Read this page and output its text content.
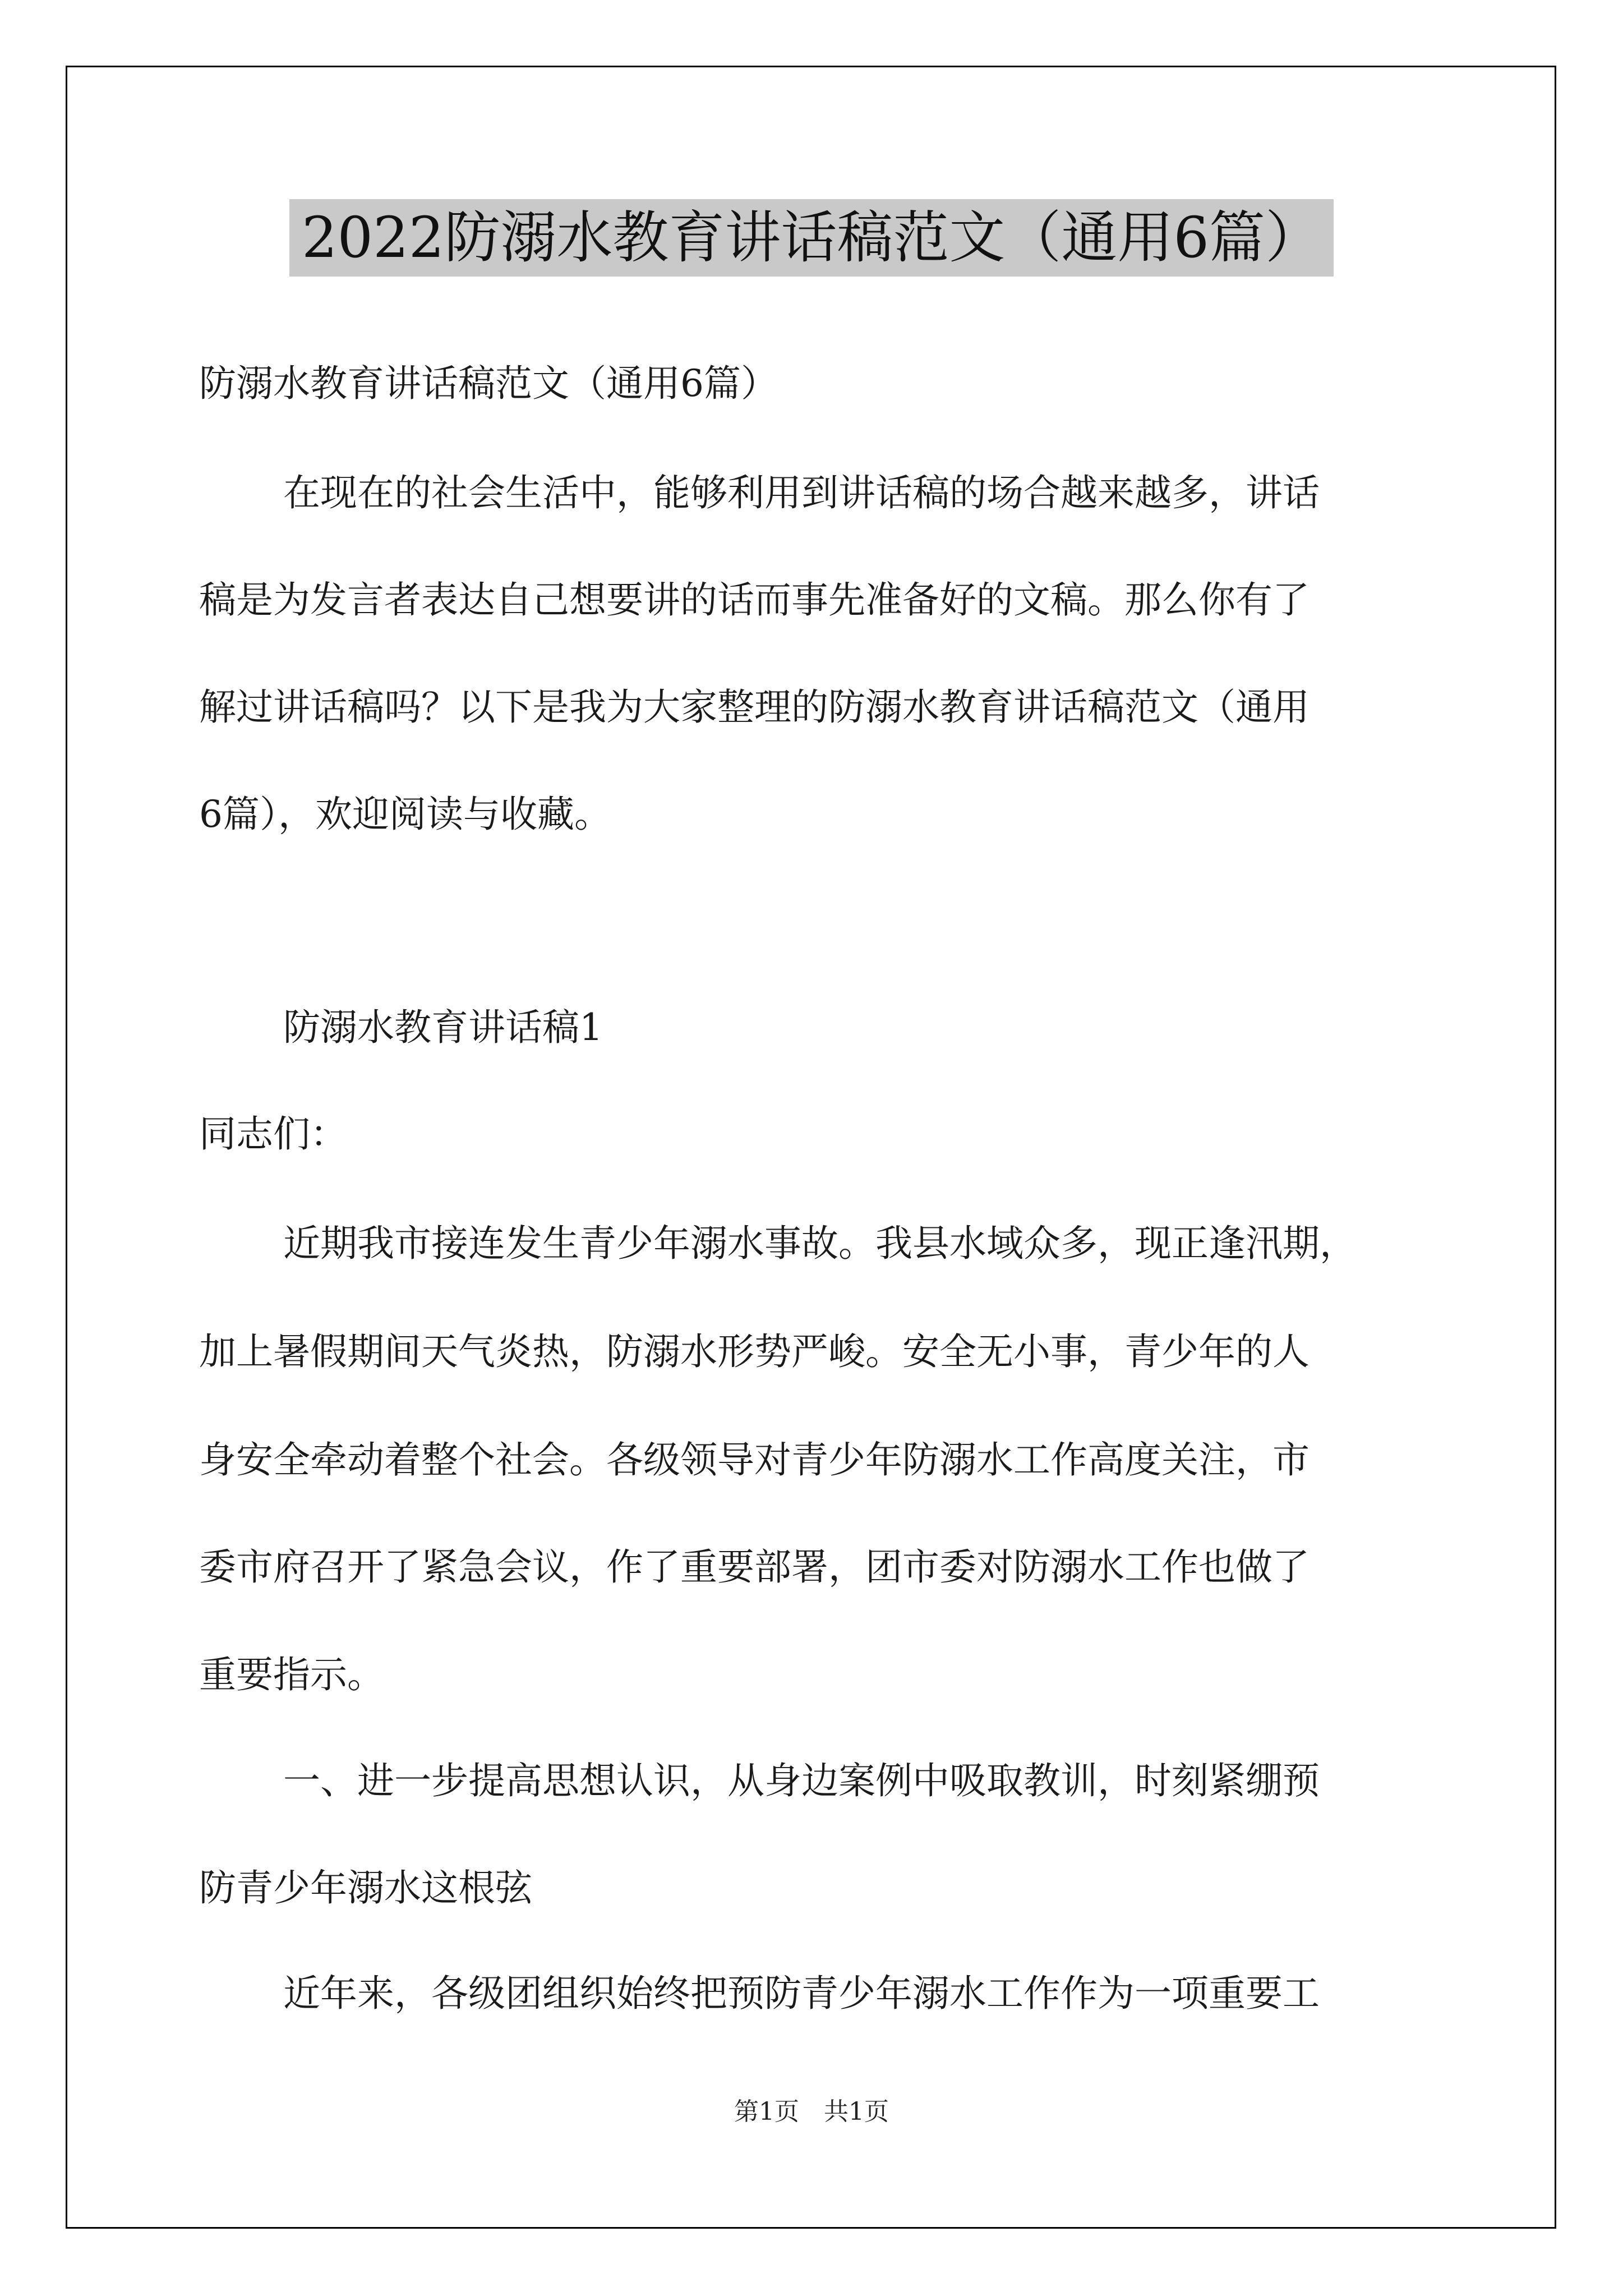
2022防溺水教育讲话稿范文（通用6篇）
防溺水教育讲话稿范文（通用6篇）
在现在的社会生活中，能够利用到讲话稿的场合越来越多，讲话
稿是为发言者表达自己想要讲的话而事先准备好的文稿。那么你有了
解过讲话稿吗？以下是我为大家整理的防溺水教育讲话稿范文（通用
6篇），欢迎阅读与收藏。
防溺水教育讲话稿1
同志们：
近期我市接连发生青少年溺水事故。我县水域众多，现正逢汛期，
加上暑假期间天气炎热，防溺水形势严峻。安全无小事，青少年的人
身安全牵动着整个社会。各级领导对青少年防溺水工作高度关注，市
委市府召开了紧急会议，作了重要部署，团市委对防溺水工作也做了
重要指示。
一、进一步提高思想认识，从身边案例中吸取教训，时刻紧绷预
防青少年溺水这根弦
近年来，各级团组织始终把预防青少年溺水工作作为一项重要工
第1页　共1页
